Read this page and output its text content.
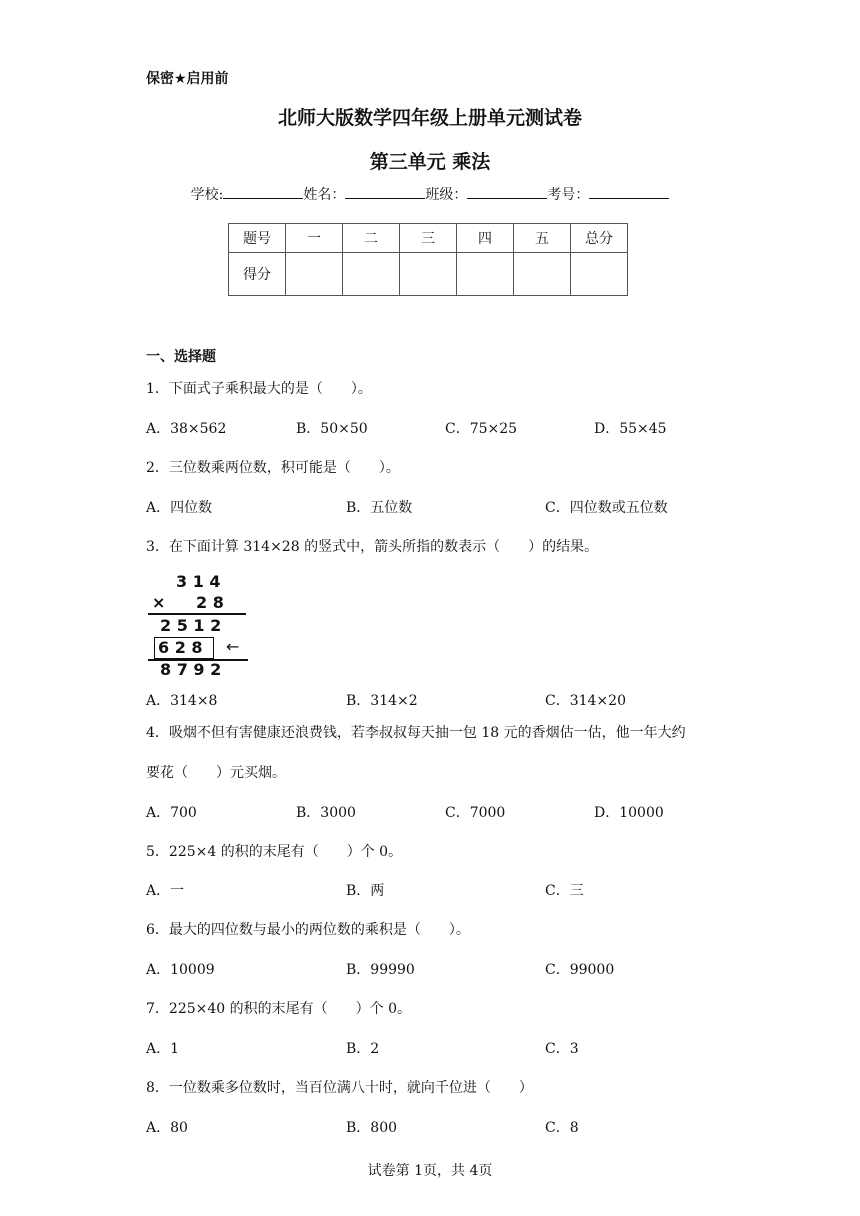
保密★启用前
北师大版数学四年级上册单元测试卷
第三单元 乘法
学校:	姓名：	班级：	考号：
题号	一	二	三	四	五	总分
得分						
一、选择题
1．下面式子乘积最大的是（　　）。
A．38×562	B．50×50	C．75×25	D．55×45
2．三位数乘两位数，积可能是（　　）。
A．四位数	B．五位数	C．四位数或五位数
3．在下面计算 314×28 的竖式中，箭头所指的数表示（　　）的结果。
3 1 4
× 2 8
2 5 1 2
6 2 8 ←
8 7 9 2
A．314×8	B．314×2	C．314×20
4．吸烟不但有害健康还浪费钱，若李叔叔每天抽一包 18 元的香烟估一估，他一年大约
要花（　　）元买烟。
A．700	B．3000	C．7000	D．10000
5．225×4 的积的末尾有（　　）个 0。
A．一	B．两	C．三
6．最大的四位数与最小的两位数的乘积是（　　）。
A．10009	B．99990	C．99000
7．225×40 的积的末尾有（　　）个 0。
A．1	B．2	C．3
8．一位数乘多位数时，当百位满八十时，就向千位进（　　）
A．80	B．800	C．8
试卷第 1页，共 4页
